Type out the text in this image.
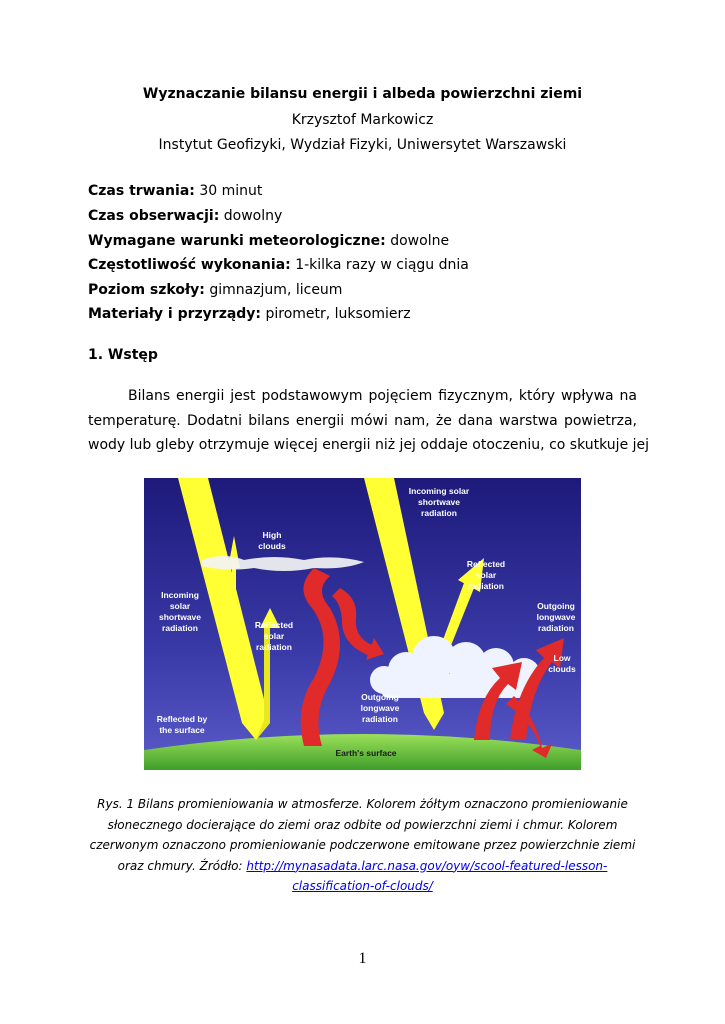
Wyznaczanie bilansu energii i albeda powierzchni ziemi
Krzysztof Markowicz
Instytut Geofizyki, Wydział Fizyki, Uniwersytet Warszawski
Czas trwania: 30 minut
Czas obserwacji: dowolny
Wymagane warunki meteorologiczne: dowolne
Częstotliwość wykonania: 1-kilka razy w ciągu dnia
Poziom szkoły: gimnazjum, liceum
Materiały i przyrządy: pirometr, luksomierz
1. Wstęp
Bilans energii jest podstawowym pojęciem fizycznym, który wpływa na
temperaturę. Dodatni bilans energii mówi nam, że dana warstwa powietrza,
wody lub gleby otrzymuje więcej energii niż jej oddaje otoczeniu, co skutkuje jej
Incoming solar
shortwave
radiation
High
clouds
Reflected
solar
radiation
Incoming
solar
shortwave
radiation	Reflected
solar
radiation
Outgoing
longwave
radiation
Low
clouds
Outgoing
longwave
radiation
Reflected by
the surface
Earth's surface
Rys. 1 Bilans promieniowania w atmosferze. Kolorem żółtym oznaczono promieniowanie
słonecznego docierające do ziemi oraz odbite od powierzchni ziemi i chmur. Kolorem
czerwonym oznaczono promieniowanie podczerwone emitowane przez powierzchnie ziemi
oraz chmury. Źródło: http://mynasadata.larc.nasa.gov/oyw/scool-featured-lesson-
classification-of-clouds/
1
